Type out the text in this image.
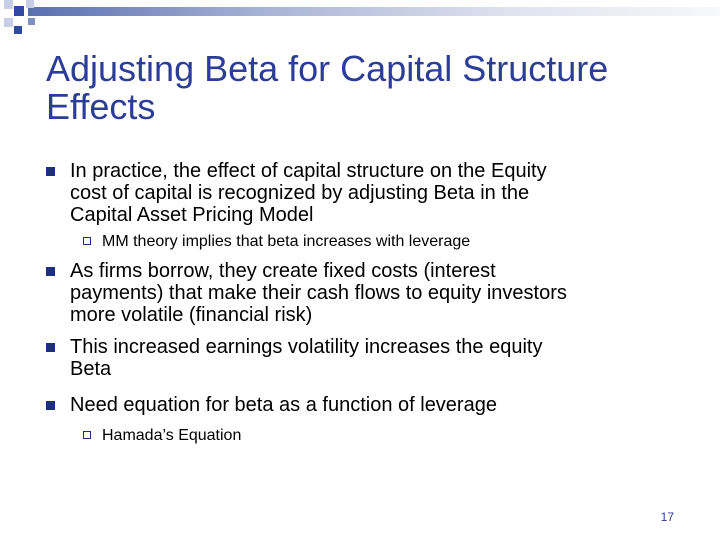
Adjusting Beta for Capital Structure
Effects
In practice, the effect of capital structure on the Equity
cost of capital is recognized by adjusting Beta in the
Capital Asset Pricing Model
MM theory implies that beta increases with leverage
As firms borrow, they create fixed costs (interest
payments) that make their cash flows to equity investors
more volatile (financial risk)
This increased earnings volatility increases the equity
Beta
Need equation for beta as a function of leverage
Hamada’s Equation
17
